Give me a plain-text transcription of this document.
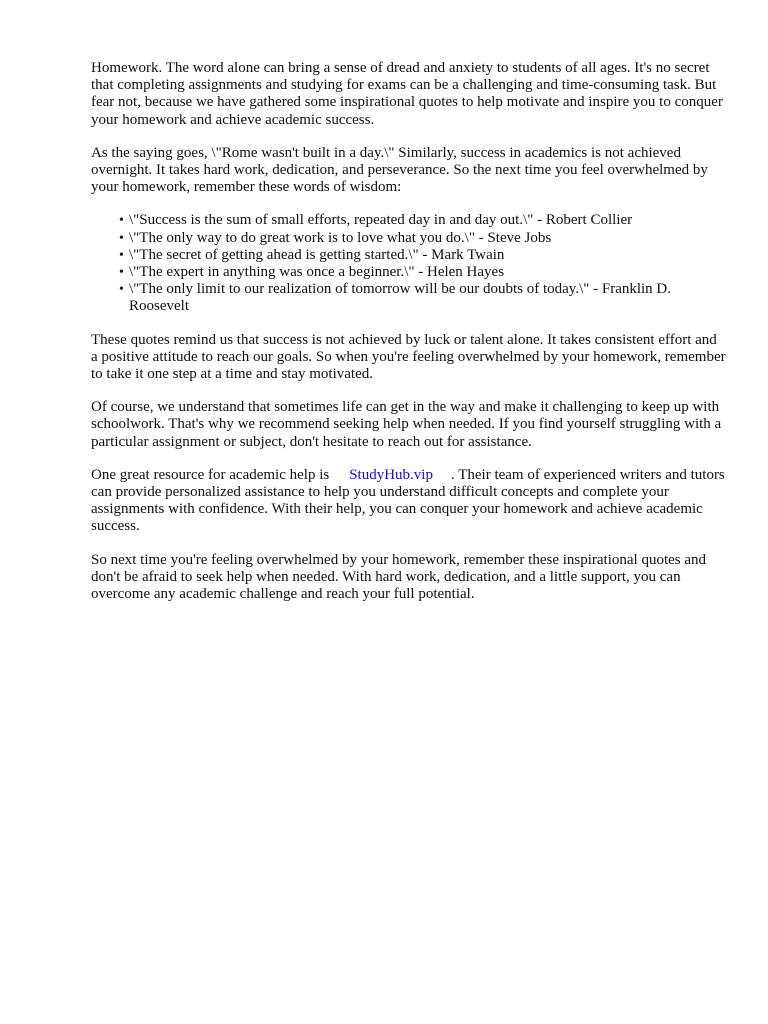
Homework. The word alone can bring a sense of dread and anxiety to students of all ages. It's no secret that completing assignments and studying for exams can be a challenging and time-consuming task. But fear not, because we have gathered some inspirational quotes to help motivate and inspire you to conquer your homework and achieve academic success.

As the saying goes, \"Rome wasn't built in a day.\" Similarly, success in academics is not achieved overnight. It takes hard work, dedication, and perseverance. So the next time you feel overwhelmed by your homework, remember these words of wisdom:

• \"Success is the sum of small efforts, repeated day in and day out.\" - Robert Collier
• \"The only way to do great work is to love what you do.\" - Steve Jobs
• \"The secret of getting ahead is getting started.\" - Mark Twain
• \"The expert in anything was once a beginner.\" - Helen Hayes
• \"The only limit to our realization of tomorrow will be our doubts of today.\" - Franklin D. Roosevelt

These quotes remind us that success is not achieved by luck or talent alone. It takes consistent effort and a positive attitude to reach our goals. So when you're feeling overwhelmed by your homework, remember to take it one step at a time and stay motivated.

Of course, we understand that sometimes life can get in the way and make it challenging to keep up with schoolwork. That's why we recommend seeking help when needed. If you find yourself struggling with a particular assignment or subject, don't hesitate to reach out for assistance.

One great resource for academic help is StudyHub.vip . Their team of experienced writers and tutors can provide personalized assistance to help you understand difficult concepts and complete your assignments with confidence. With their help, you can conquer your homework and achieve academic success.

So next time you're feeling overwhelmed by your homework, remember these inspirational quotes and don't be afraid to seek help when needed. With hard work, dedication, and a little support, you can overcome any academic challenge and reach your full potential.
